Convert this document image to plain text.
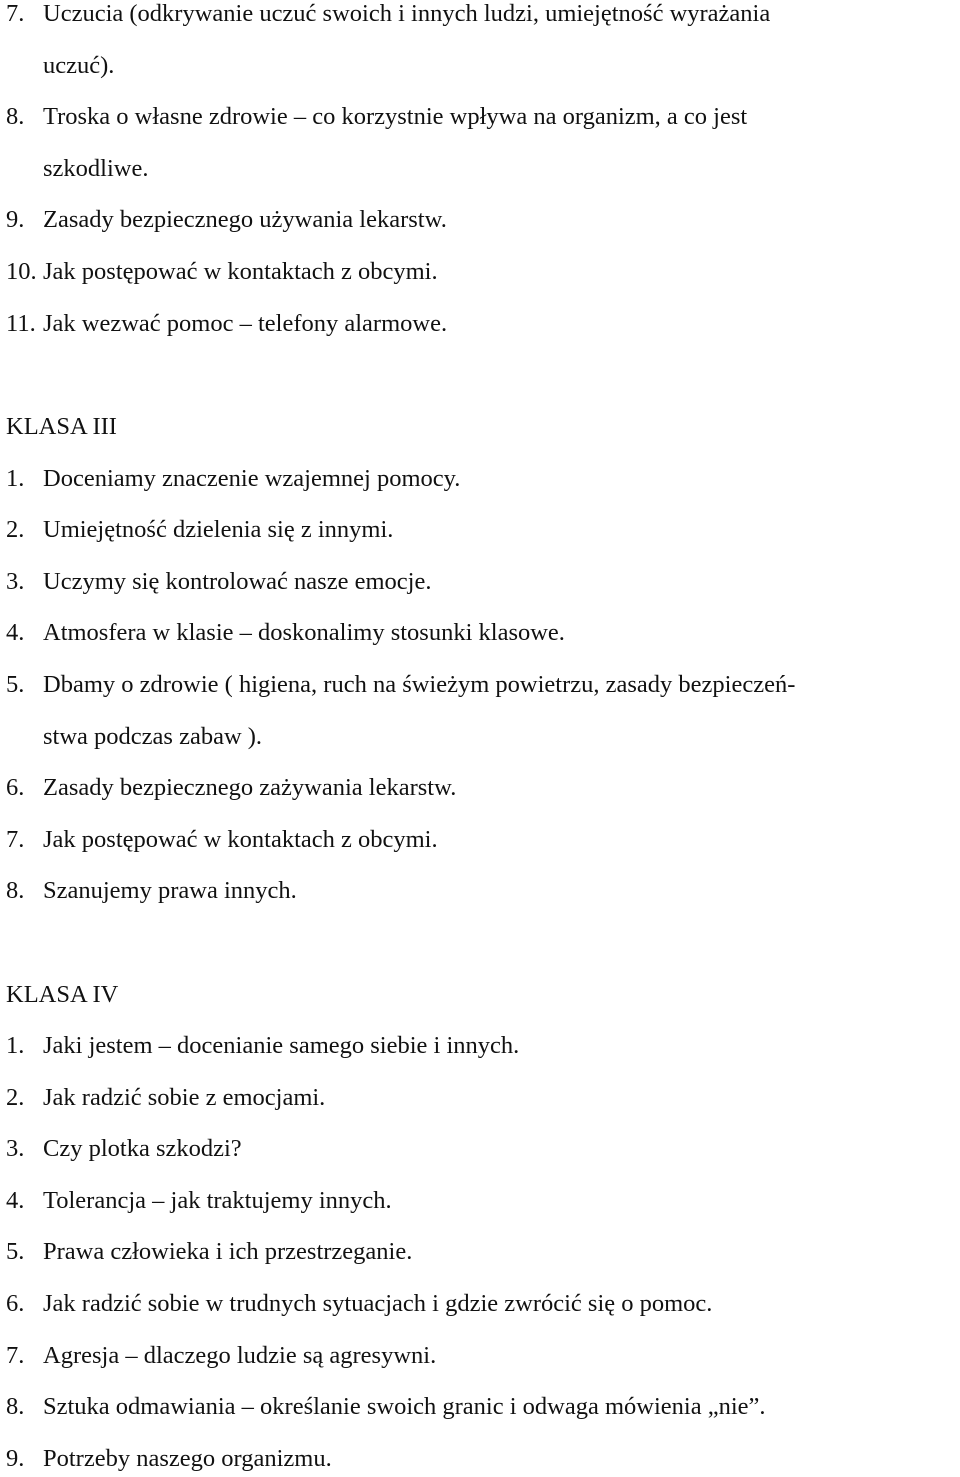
7. Uczucia (odkrywanie uczuć swoich i innych ludzi, umiejętność wyrażania
uczuć).
8. Troska o własne zdrowie – co korzystnie wpływa na organizm, a co jest
szkodliwe.
9. Zasady bezpiecznego używania lekarstw.
10. Jak postępować w kontaktach z obcymi.
11. Jak wezwać pomoc – telefony alarmowe.
KLASA III
1. Doceniamy znaczenie wzajemnej pomocy.
2. Umiejętność dzielenia się z innymi.
3. Uczymy się kontrolować nasze emocje.
4. Atmosfera w klasie – doskonalimy stosunki klasowe.
5. Dbamy o zdrowie ( higiena, ruch na świeżym powietrzu, zasady bezpieczeń-
stwa podczas zabaw ).
6. Zasady bezpiecznego zażywania lekarstw.
7. Jak postępować w kontaktach z obcymi.
8. Szanujemy prawa innych.
KLASA IV
1. Jaki jestem – docenianie samego siebie i innych.
2. Jak radzić sobie z emocjami.
3. Czy plotka szkodzi?
4. Tolerancja – jak traktujemy innych.
5. Prawa człowieka i ich przestrzeganie.
6. Jak radzić sobie w trudnych sytuacjach i gdzie zwrócić się o pomoc.
7. Agresja – dlaczego ludzie są agresywni.
8. Sztuka odmawiania – określanie swoich granic i odwaga mówienia „nie”.
9. Potrzeby naszego organizmu.
